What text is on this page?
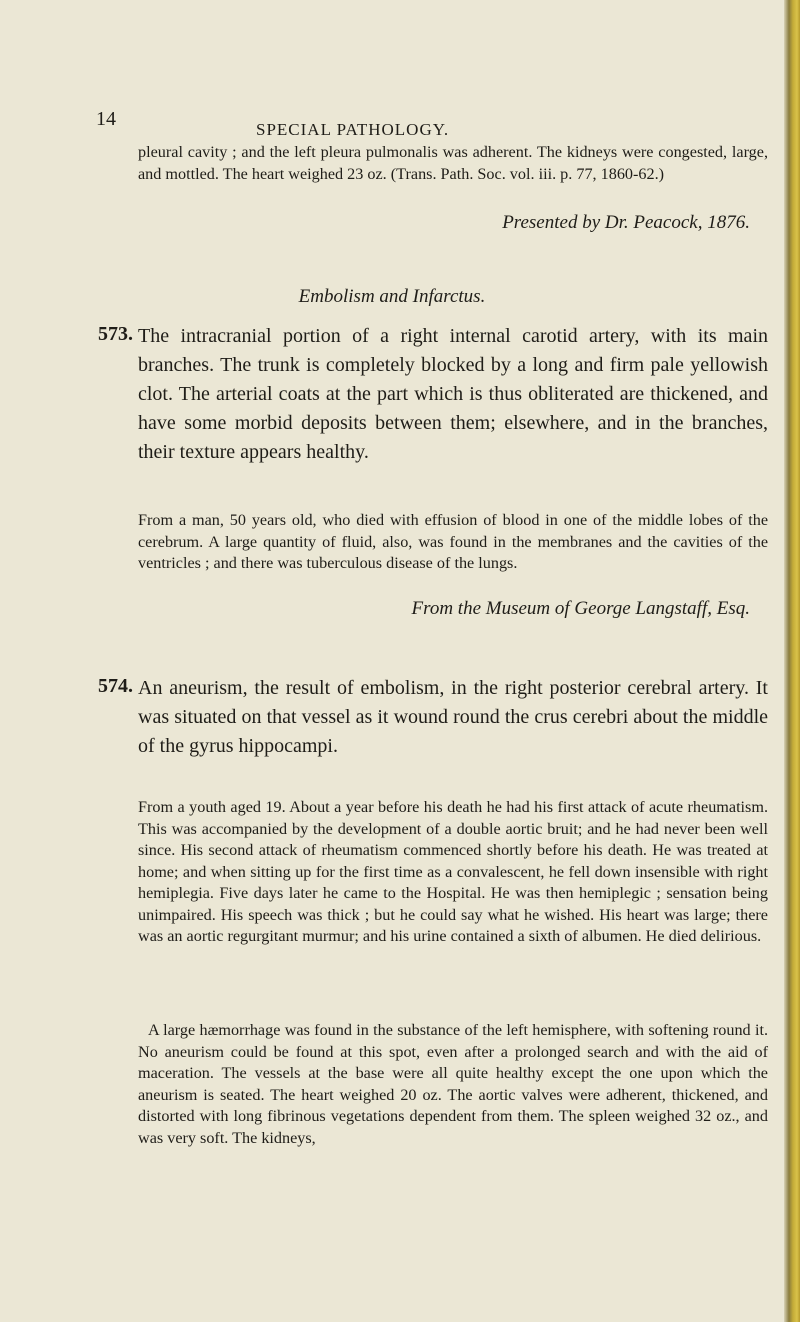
14	SPECIAL PATHOLOGY.
pleural cavity ; and the left pleura pulmonalis was adherent. The kidneys were congested, large, and mottled. The heart weighed 23 oz. (Trans. Path. Soc. vol. iii. p. 77, 1860-62.)
Presented by Dr. Peacock, 1876.
Embolism and Infarctus.
573. The intracranial portion of a right internal carotid artery, with its main branches. The trunk is completely blocked by a long and firm pale yellowish clot. The arterial coats at the part which is thus obliterated are thickened, and have some morbid deposits between them; elsewhere, and in the branches, their texture appears healthy.
From a man, 50 years old, who died with effusion of blood in one of the middle lobes of the cerebrum. A large quantity of fluid, also, was found in the membranes and the cavities of the ventricles ; and there was tuberculous disease of the lungs.
From the Museum of George Langstaff, Esq.
574. An aneurism, the result of embolism, in the right posterior cerebral artery. It was situated on that vessel as it wound round the crus cerebri about the middle of the gyrus hippocampi.
From a youth aged 19. About a year before his death he had his first attack of acute rheumatism. This was accompanied by the development of a double aortic bruit; and he had never been well since. His second attack of rheumatism commenced shortly before his death. He was treated at home; and when sitting up for the first time as a convalescent, he fell down insensible with right hemiplegia. Five days later he came to the Hospital. He was then hemiplegic ; sensation being unimpaired. His speech was thick ; but he could say what he wished. His heart was large; there was an aortic regurgitant murmur; and his urine contained a sixth of albumen. He died delirious.
A large hæmorrhage was found in the substance of the left hemisphere, with softening round it. No aneurism could be found at this spot, even after a prolonged search and with the aid of maceration. The vessels at the base were all quite healthy except the one upon which the aneurism is seated. The heart weighed 20 oz. The aortic valves were adherent, thickened, and distorted with long fibrinous vegetations dependent from them. The spleen weighed 32 oz., and was very soft. The kidneys,
